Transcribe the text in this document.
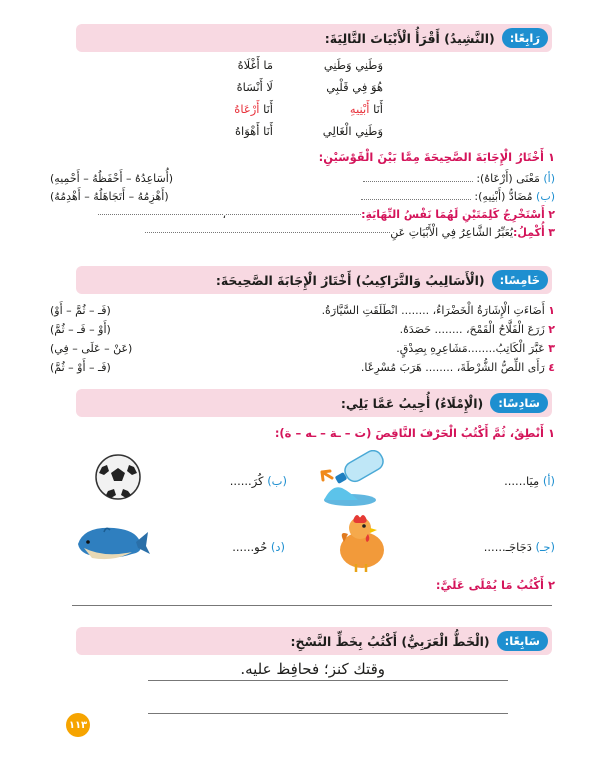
رَابِعًا:
(النَّشِيدُ) أَقْرَأُ الْأَبْيَاتَ التَّالِيَةَ:
وَطَنِي وَطَنِي
مَا أَغْلَاهُ
هُوَ فِي قَلْبِي
لَا أَنْسَاهُ
أَنَا أَبْنِيهِ
أَنَا أَرْعَاهُ
وَطَنِي الْغَالِي
أَنَا أَهْوَاهُ
١ أَخْتَارُ الْإِجَابَةَ الصَّحِيحَةَ مِمَّا بَيْنَ الْقَوْسَيْنِ:
(أ) مَعْنَى (أَرْعَاهُ):
(أُسَاعِدُهُ – أَحْفَظُهُ – أَحْمِيهِ)
(ب) مُضَادُّ (أَبْنِيهِ):
(أَهْزِمُهُ – أَتَجَاهَلُهُ – أَهْدِمُهُ)
٢

أَسْتَخْرِجُ كَلِمَتَيْنِ لَهُمَا نَفْسُ النِّهَايَةِ:
،
٣

أُكْمِلُ:
يُعَبِّرُ الشَّاعِرُ فِي الْأَبْيَاتِ عَنِ
خَامِسًا:
(الْأَسَالِيبُ وَالتَّرَاكِيبُ) أَخْتَارُ الْإِجَابَةَ الصَّحِيحَةَ:
١ أَضَاءَتِ الْإِشَارَةُ الْخَضْرَاءُ، ........ انْطَلَقَتِ السَّيَّارَةُ.
(فَـ – ثُمَّ – أَوْ)
٢ زَرَعَ الْفَلَّاحُ الْقَمْحَ، ........ حَصَدَهُ.
(أَوْ – فَـ – ثُمَّ)
٣ عَبَّرَ الْكَاتِبُ........مَشَاعِرِهِ بِصِدْقٍ.
(عَنْ – عَلَى – فِي)
٤ رَأَى اللِّصُّ الشُّرْطَةَ، ........ هَرَبَ مُسْرِعًا.
(فَـ – أَوْ – ثُمَّ)
سَادِسًا:
(الْإِمْلَاءُ) أُجِيبُ عَمَّا يَلِي:
١ أَنْطِقُ، ثُمَّ أَكْتُبُ الْحَرْفَ النَّاقِصَ (ت – ـة – ـه – ة):
(أ) مِيَا......
(ب) كُرَ......
(جـ) دَجَاجَـ......
(د) حُو......
٢ أَكْتُبُ مَا يُمْلَى عَلَيَّ:
سَابِعًا:
(الْخَطُّ الْعَرَبِيُّ) أَكْتُبُ بِخَطِّ النَّسْخِ:
وقتك كنز؛ فحافِظ عليه.
١١٣
